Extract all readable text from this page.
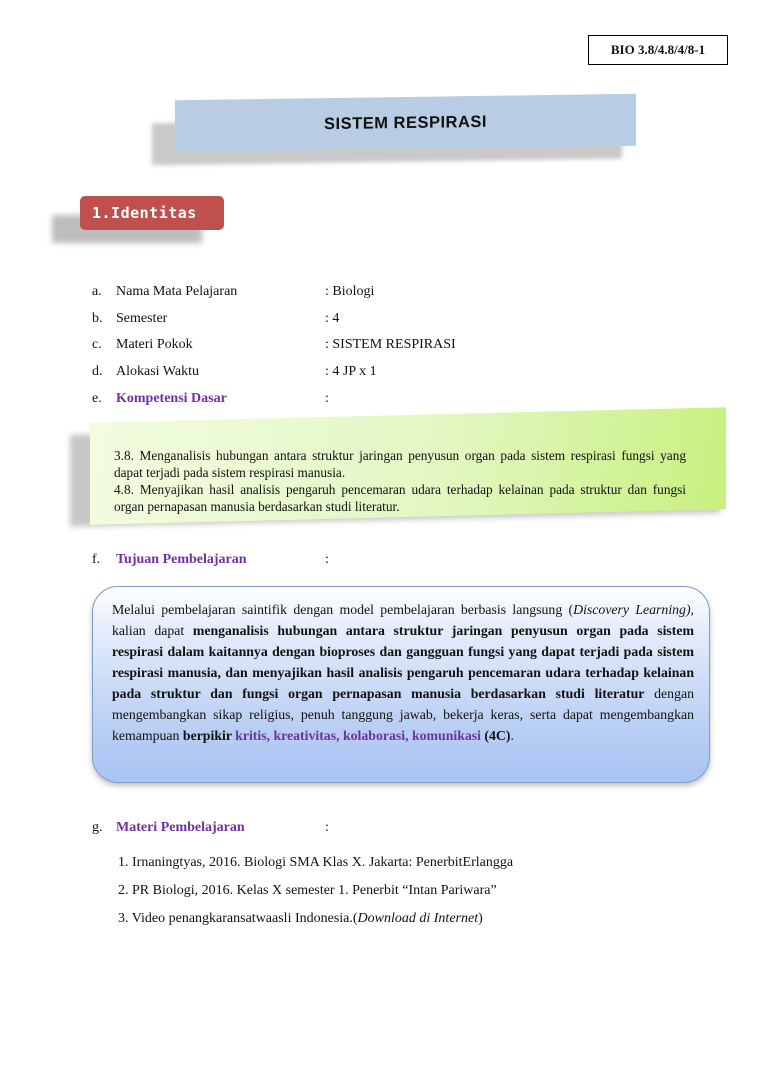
BIO 3.8/4.8/4/8-1
SISTEM RESPIRASI
1.Identitas
a.	Nama Mata Pelajaran	: Biologi
b. Semester	: 4
c.	Materi Pokok	: SISTEM RESPIRASI
d. Alokasi Waktu	: 4 JP x 1
e.	Kompetensi Dasar	:

3.8. Menganalisis hubungan antara struktur jaringan penyusun organ pada sistem respirasi fungsi yang dapat terjadi pada sistem respirasi manusia.

4.8. Menyajikan hasil analisis pengaruh pencemaran udara terhadap kelainan pada struktur dan fungsi organ pernapasan manusia berdasarkan studi literatur.

f.	Tujuan Pembelajaran	:
Melalui pembelajaran saintifik dengan model pembelajaran berbasis langsung (Discovery Learning), kalian dapat menganalisis hubungan antara struktur jaringan penyusun organ pada sistem respirasi dalam kaitannya dengan bioproses dan gangguan fungsi yang dapat terjadi pada sistem respirasi manusia, dan menyajikan hasil analisis pengaruh pencemaran udara terhadap kelainan pada struktur dan fungsi organ pernapasan manusia berdasarkan studi literatur dengan mengembangkan sikap religius, penuh tanggung jawab, bekerja keras, serta dapat mengembangkan kemampuan berpikir kritis, kreativitas, kolaborasi, komunikasi (4C).
g. Materi Pembelajaran	:
1. Irnaningtyas, 2016. Biologi SMA Klas X. Jakarta: PenerbitErlangga
2. PR Biologi, 2016. Kelas X semester 1. Penerbit “Intan Pariwara”
3. Video penangkaransatwaasli Indonesia.(Download di Internet)
